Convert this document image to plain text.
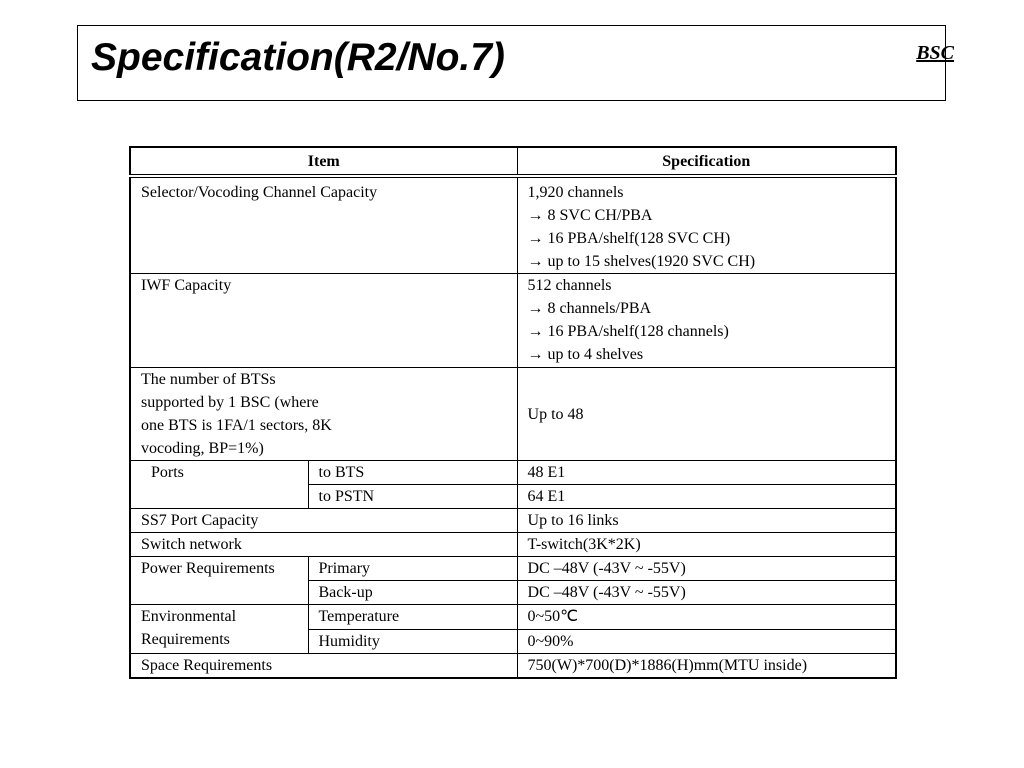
Specification(R2/No.7)	BSC
Item		Specification
Selector/Vocoding Channel Capacity		1,920 channels
→ 8 SVC CH/PBA
→ 16 PBA/shelf(128 SVC CH)
→ up to 15 shelves(1920 SVC CH)

IWF Capacity		512 channels
→ 8 channels/PBA
→ 16 PBA/shelf(128 channels)
→ up to 4 shelves

The number of BTSs supported by 1 BSC (where one BTS is 1FA/1 sectors, 8K vocoding, BP=1%)		Up to 48
Ports	to BTS	48 E1
	to PSTN	64 E1
SS7 Port Capacity		Up to 16 links
Switch network		T-switch(3K*2K)
Power Requirements	Primary	DC –48V (-43V ~ -55V)
	Back-up	DC –48V (-43V ~ -55V)
Environmental Requirements	Temperature	0~50℃
	Humidity	0~90%
Space Requirements		750(W)*700(D)*1886(H)mm(MTU inside)
